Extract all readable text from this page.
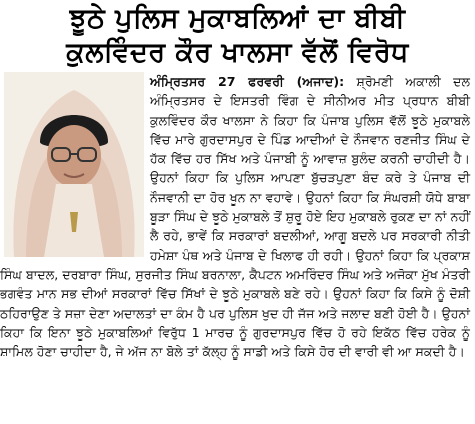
ਝੂਠੇ ਪੁਲਿਸ ਮੁਕਾਬਲਿਆਂ ਦਾ ਬੀਬੀ
ਕੁਲਵਿੰਦਰ ਕੌਰ ਖਾਲਸਾ ਵੱਲੋਂ ਵਿਰੋਧ
ਅੰਮ੍ਰਿਤਸਰ 27 ਫਰਵਰੀ (ਅਜਾਦ): ਸ਼੍ਰੋਮਣੀ ਅਕਾਲੀ ਦਲ ਅੰਮ੍ਰਿਤਸਰ ਦੇ ਇਸਤਰੀ ਵਿੰਗ ਦੇ ਸੀਨੀਅਰ ਮੀਤ ਪ੍ਰਧਾਨ ਬੀਬੀ ਕੁਲਵਿੰਦਰ ਕੌਰ ਖਾਲਸਾ ਨੇ ਕਿਹਾ ਕਿ ਪੰਜਾਬ ਪੁਲਿਸ ਵੱਲੋਂ ਝੂਠੇ ਮੁਕਾਬਲੇ ਵਿੱਚ ਮਾਰੇ ਗੁਰਦਾਸਪੁਰ ਦੇ ਪਿੰਡ ਆਦੀਆਂ ਦੇ ਨੌਜਵਾਨ ਰਣਜੀਤ ਸਿੰਘ ਦੇ ਹੱਕ ਵਿੱਚ ਹਰ ਸਿੱਖ ਅਤੇ ਪੰਜਾਬੀ ਨੂੰ ਆਵਾਜ਼ ਬੁਲੰਦ ਕਰਨੀ ਚਾਹੀਦੀ ਹੈ। ਉਹਨਾਂ ਕਿਹਾ ਕਿ ਪੁਲਿਸ ਆਪਣਾ ਬੁੱਚੜਪੁਣਾ ਬੰਦ ਕਰੇ ਤੇ ਪੰਜਾਬ ਦੀ ਨੌਜਵਾਨੀ ਦਾ ਹੋਰ ਖੂਨ ਨਾ ਵਹਾਵੇ। ਉਹਨਾਂ ਕਿਹਾ ਕਿ ਸੰਘਰਸ਼ੀ ਯੋਧੇ ਬਾਬਾ ਬੂੜਾ ਸਿੰਘ ਦੇ ਝੂਠੇ ਮੁਕਾਬਲੇ ਤੋਂ ਸ਼ੁਰੂ ਹੋਏ ਇਹ ਮੁਕਾਬਲੇ ਰੁਕਣ ਦਾ ਨਾਂ ਨਹੀਂ ਲੈ ਰਹੇ, ਭਾਵੇਂ ਕਿ ਸਰਕਾਰਾਂ ਬਦਲੀਆਂ, ਆਗੂ ਬਦਲੇ ਪਰ ਸਰਕਾਰੀ ਨੀਤੀ ਹਮੇਸ਼ਾ ਪੰਥ ਅਤੇ ਪੰਜਾਬ ਦੇ ਖਿਲਾਫ ਹੀ ਰਹੀ। ਉਹਨਾਂ ਕਿਹਾ ਕਿ ਪ੍ਰਕਾਸ਼ ਸਿੰਘ ਬਾਦਲ, ਦਰਬਾਰਾ ਸਿੰਘ, ਸੁਰਜੀਤ ਸਿੰਘ ਬਰਨਾਲਾ, ਕੈਪਟਨ ਅਮਰਿੰਦਰ ਸਿੰਘ ਅਤੇ ਅਜੋਕਾ ਮੁੱਖ ਮੰਤਰੀ ਭਗਵੰਤ ਮਾਨ ਸਭ ਦੀਆਂ ਸਰਕਾਰਾਂ ਵਿੱਚ ਸਿੱਖਾਂ ਦੇ ਝੂਠੇ ਮੁਕਾਬਲੇ ਬਣੇ ਰਹੇ। ਉਹਨਾਂ ਕਿਹਾ ਕਿ ਕਿਸੇ ਨੂੰ ਦੋਸ਼ੀ ਠਹਿਰਾਉਣ ਤੇ ਸਜ਼ਾ ਦੇਣਾ ਅਦਾਲਤਾਂ ਦਾ ਕੰਮ ਹੈ ਪਰ ਪੁਲਿਸ ਖੁਦ ਹੀ ਜੱਜ ਅਤੇ ਜਲਾਦ ਬਣੀ ਹੋਈ ਹੈ। ਉਹਨਾਂ ਕਿਹਾ ਕਿ ਇਨਾ ਝੂਠੇ ਮੁਕਾਬਲਿਆਂ ਵਿਰੁੱਧ 1 ਮਾਰਚ ਨੂੰ ਗੁਰਦਾਸਪੁਰ ਵਿੱਚ ਹੋ ਰਹੇ ਇਕੱਠ ਵਿੱਚ ਹਰੇਕ ਨੂੰ ਸ਼ਾਮਿਲ ਹੋਣਾ ਚਾਹੀਦਾ ਹੈ, ਜੇ ਅੱਜ ਨਾ ਬੋਲੇ ਤਾਂ ਕੱਲ੍ਹ ਨੂੰ ਸਾਡੀ ਅਤੇ ਕਿਸੇ ਹੋਰ ਦੀ ਵਾਰੀ ਵੀ ਆ ਸਕਦੀ ਹੈ।
